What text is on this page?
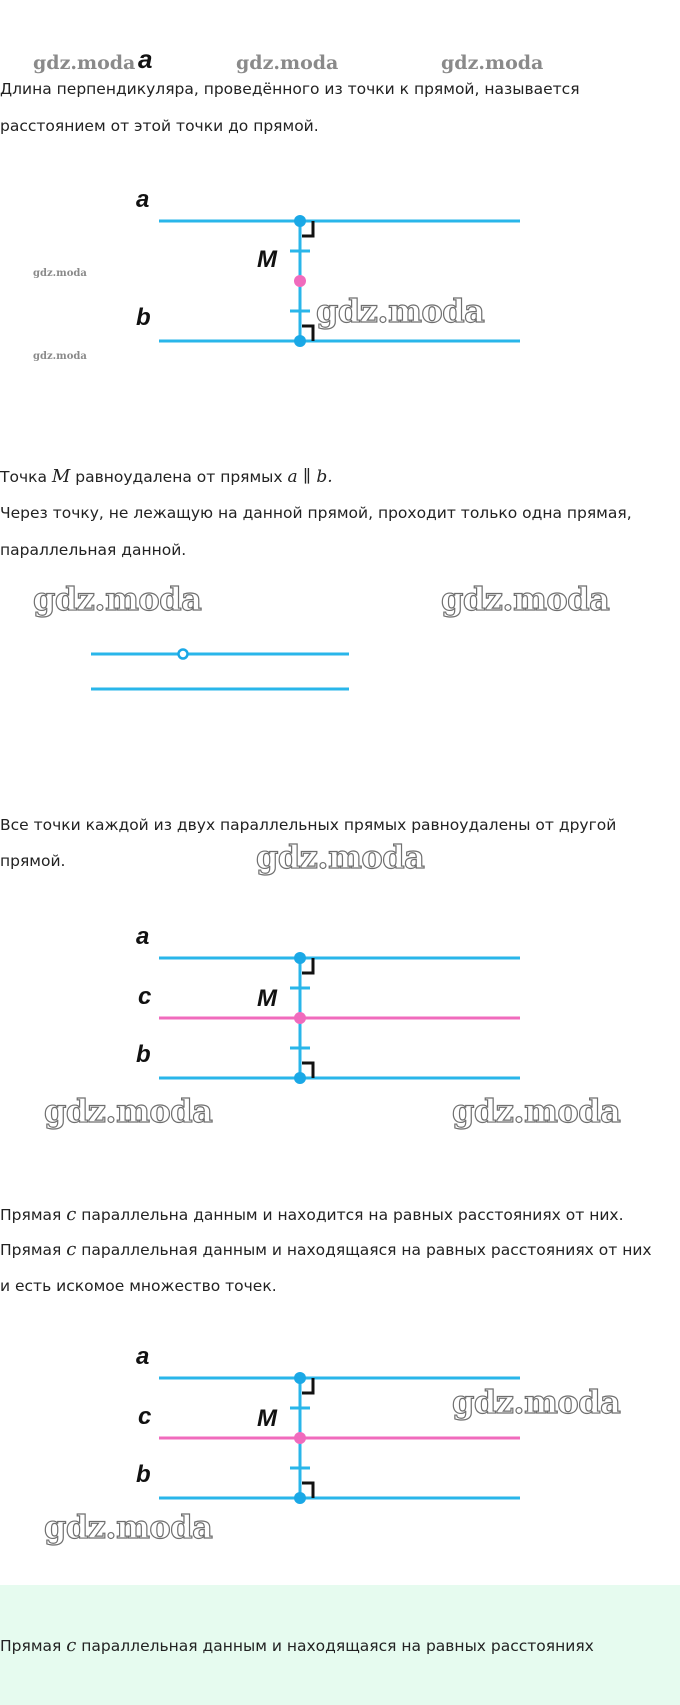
gdz.moda a	gdz.moda	gdz.moda
Длина перпендикуляра, проведённого из точки к прямой, называется
расстоянием от этой точки до прямой.
a
b
M
gdz.moda
gdz.moda
gdz.moda
Точка M равноудалена от прямых a ∥ b.
Через точку, не лежащую на данной прямой, проходит только одна прямая,
параллельная данной.
gdz.moda	gdz.moda
Все точки каждой из двух параллельных прямых равноудалены от другой
прямой.	gdz.moda
a
c
b
M
gdz.moda	gdz.moda
Прямая c параллельна данным и находится на равных расстояниях от них.
Прямая c параллельная данным и находящаяся на равных расстояниях от них
и есть искомое множество точек.
a
c
b
M	gdz.moda
gdz.moda
Прямая c параллельная данным и находящаяся на равных расстояниях
